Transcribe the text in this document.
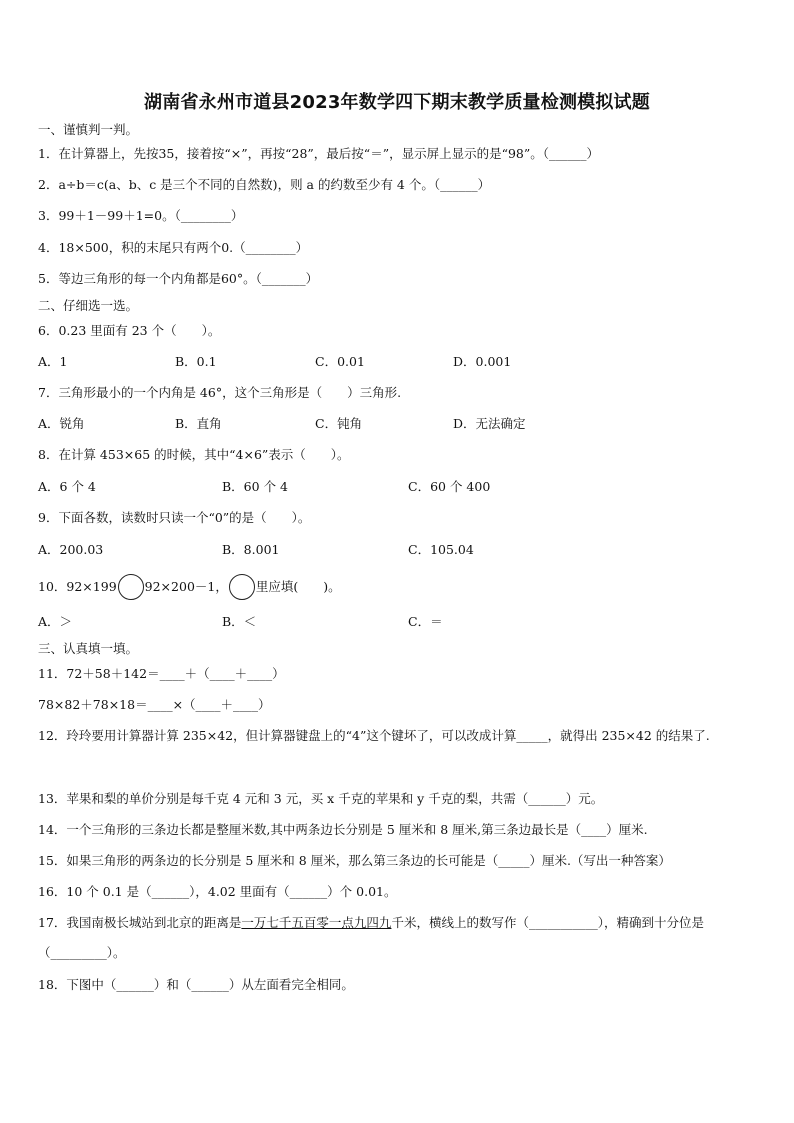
湖南省永州市道县2023年数学四下期末教学质量检测模拟试题
一、谨慎判一判。
1．在计算器上，先按35，接着按“×”，再按“28”，最后按“＝”，显示屏上显示的是“98”。（______）
2．a÷b＝c(a、b、c 是三个不同的自然数)，则 a 的约数至少有 4 个。（______）
3．99＋1－99＋1=0。（________）
4．18×500，积的末尾只有两个0.（________）
5．等边三角形的每一个内角都是60°。（_______）
二、仔细选一选。
6．0.23 里面有 23 个（　　）。
A．1	B．0.1	C．0.01	D．0.001
7．三角形最小的一个内角是 46°，这个三角形是（　　）三角形.
A．锐角	B．直角	C．钝角	D．无法确定
8．在计算 453×65 的时候，其中“4×6”表示（　　）。
A．6 个 4	B．60 个 4	C．60 个 400
9．下面各数，读数时只读一个“0”的是（　　）。
A．200.03	B．8.001	C．105.04
10．92×199 92×200－1， 里应填(　　)。
A．＞	B．＜	C．＝
三、认真填一填。
11．72＋58＋142＝____＋（____＋____）
78×82＋78×18＝____×（____＋____）
12．玲玲要用计算器计算 235×42，但计算器键盘上的“4”这个键坏了，可以改成计算_____，就得出 235×42 的结果了.
13．苹果和梨的单价分别是每千克 4 元和 3 元，买 x 千克的苹果和 y 千克的梨，共需（______）元。
14．一个三角形的三条边长都是整厘米数,其中两条边长分别是 5 厘米和 8 厘米,第三条边最长是（____）厘米.
15．如果三角形的两条边的长分别是 5 厘米和 8 厘米，那么第三条边的长可能是（_____）厘米.（写出一种答案）
16．10 个 0.1 是（______），4.02 里面有（______）个 0.01。
17．我国南极长城站到北京的距离是一万七千五百零一点九四九千米，横线上的数写作（___________），精确到十分位是（_________）。
18．下图中（______）和（______）从左面看完全相同。
